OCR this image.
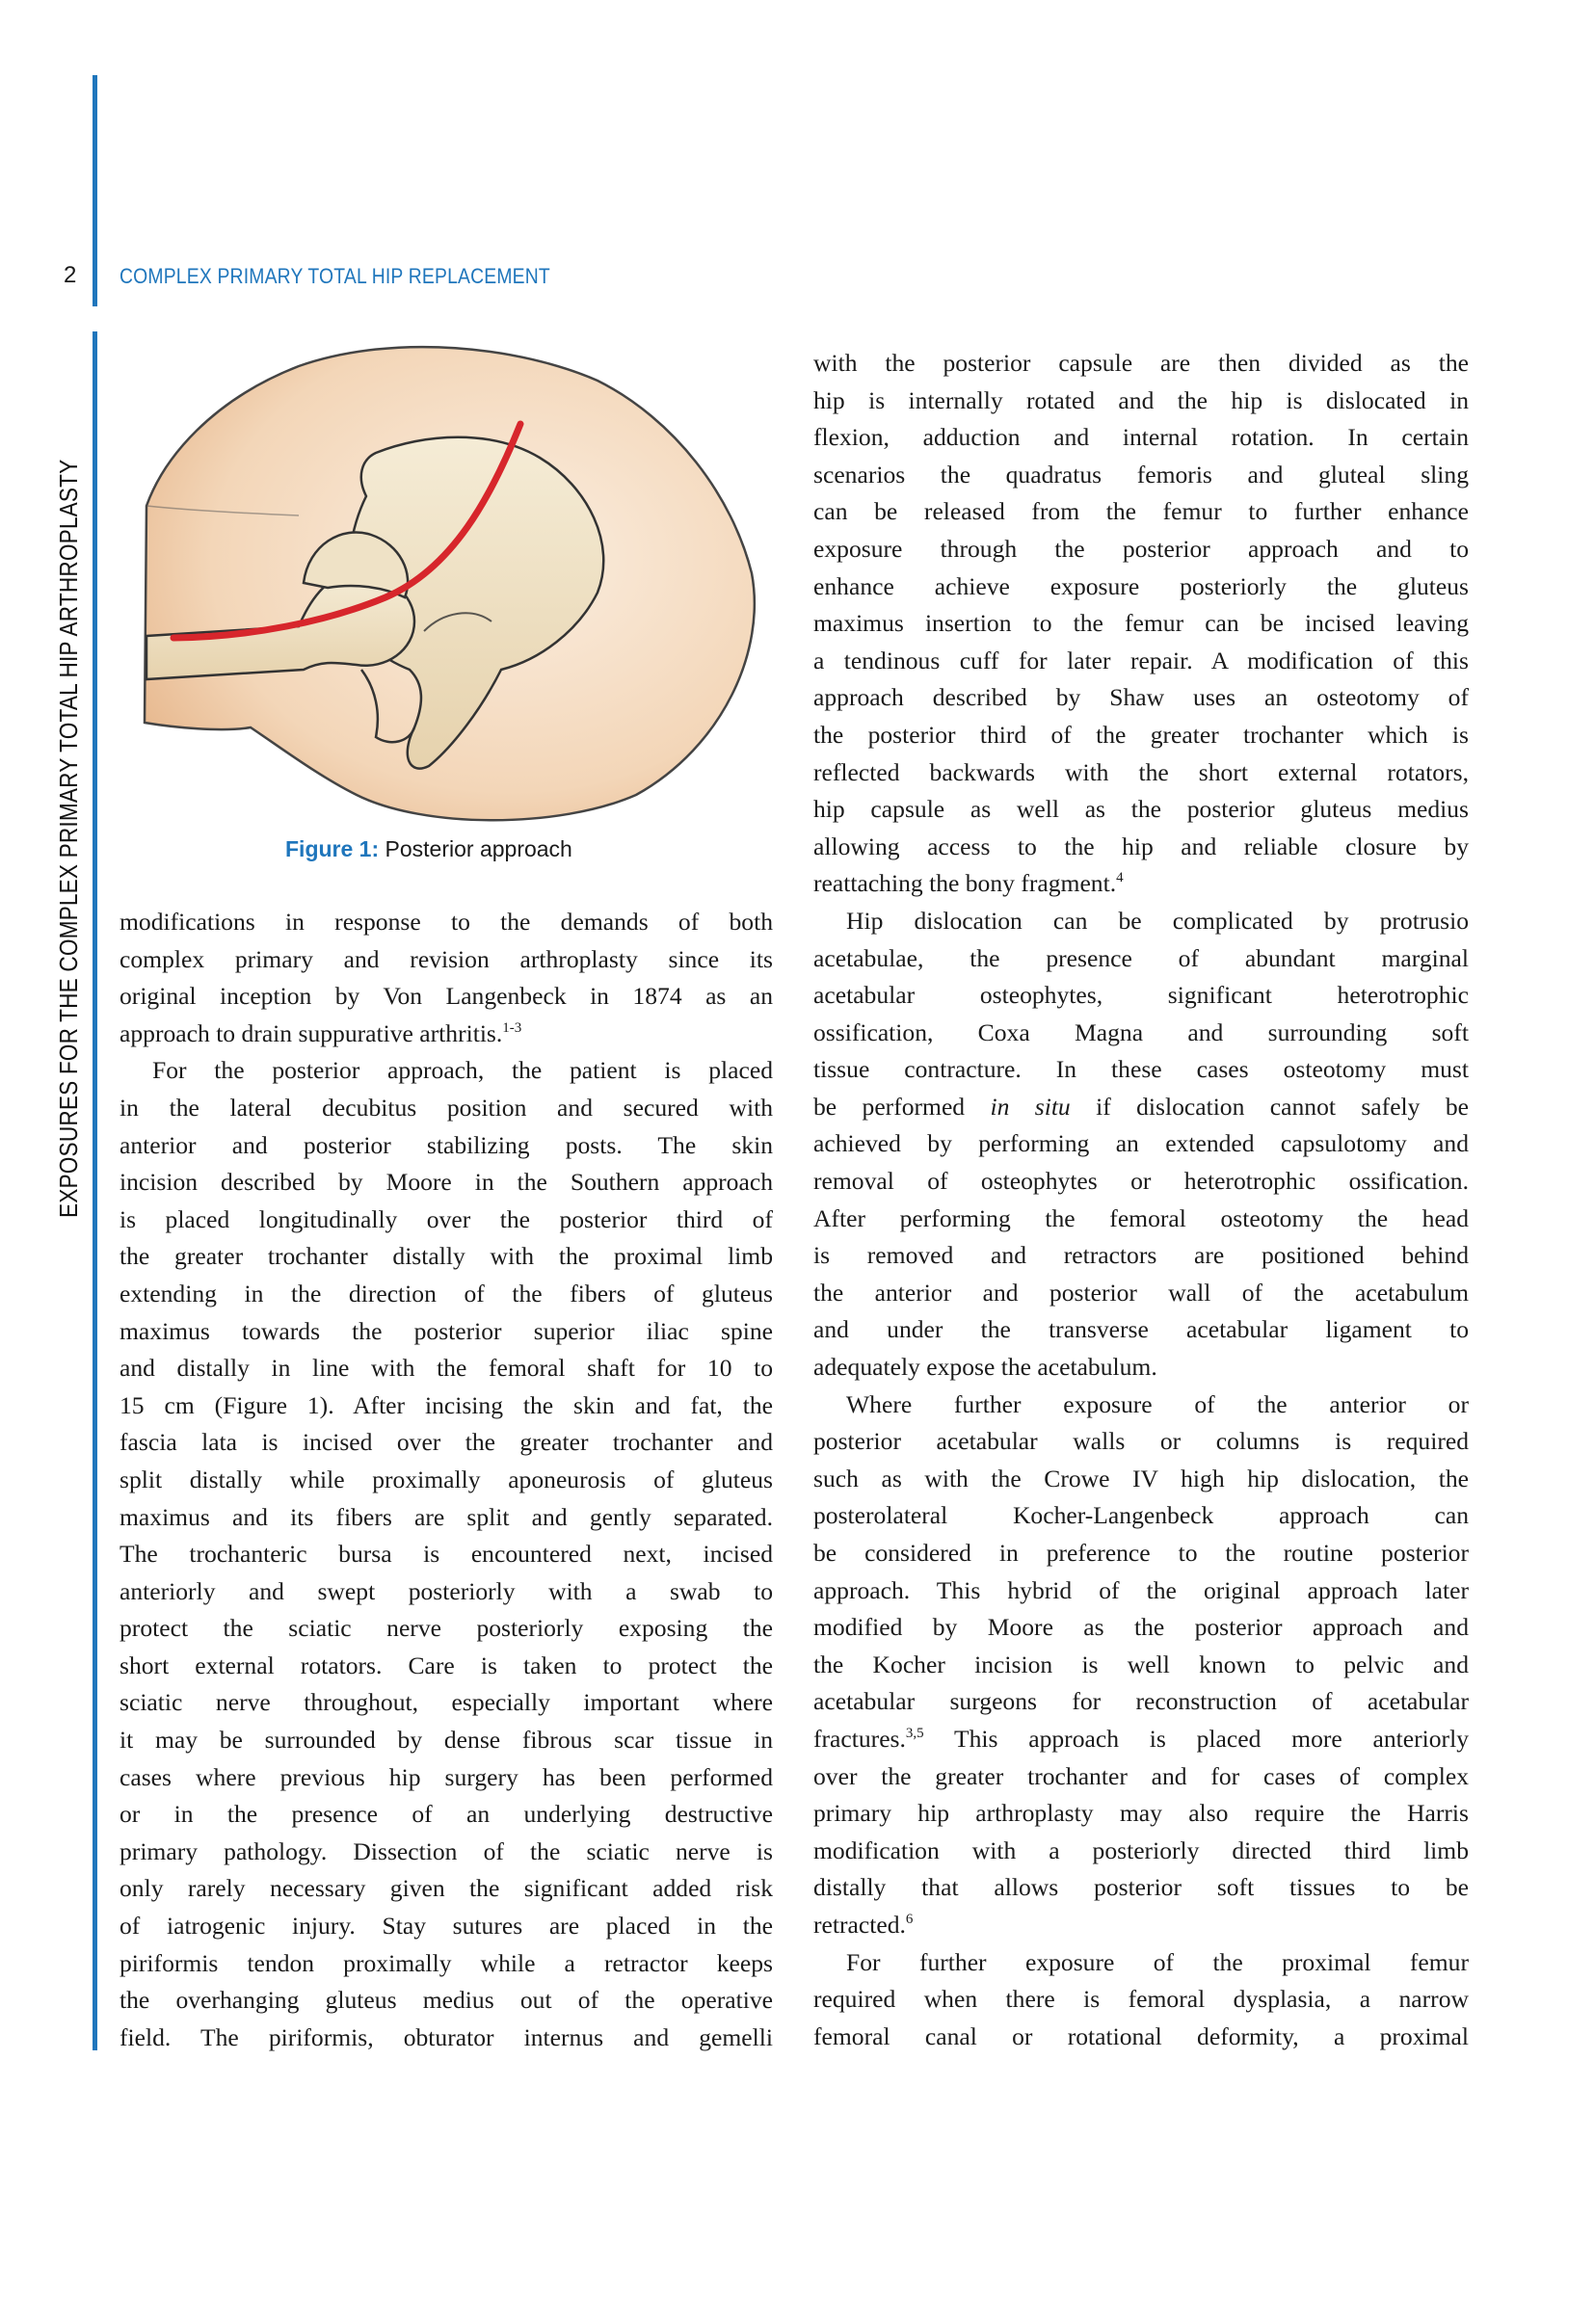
2 COMPLEX PRIMARY TOTAL HIP REPLACEMENT
EXPOSURES FOR THE COMPLEX PRIMARY TOTAL HIP ARTHROPLASTY	Figure 1: Posterior approach
modifications in response to the demands of both
complex primary and revision arthroplasty since its
original inception by Von Langenbeck in 1874 as an
approach to drain suppurative arthritis.$^{1-3}$
For the posterior approach, the patient is placed
in the lateral decubitus position and secured with
anterior and posterior stabilizing posts. The skin
incision described by Moore in the Southern approach
is placed longitudinally over the posterior third of
the greater trochanter distally with the proximal limb
extending in the direction of the fibers of gluteus
maximus towards the posterior superior iliac spine
and distally in line with the femoral shaft for 10 to
15 cm (Figure 1). After incising the skin and fat, the
fascia lata is incised over the greater trochanter and
split distally while proximally aponeurosis of gluteus
maximus and its fibers are split and gently separated.
The trochanteric bursa is encountered next, incised
anteriorly and swept posteriorly with a swab to
protect the sciatic nerve posteriorly exposing the
short external rotators. Care is taken to protect the
sciatic nerve throughout, especially important where
it may be surrounded by dense fibrous scar tissue in
cases where previous hip surgery has been performed
or in the presence of an underlying destructive
primary pathology. Dissection of the sciatic nerve is
only rarely necessary given the significant added risk
of iatrogenic injury. Stay sutures are placed in the
piriformis tendon proximally while a retractor keeps
the overhanging gluteus medius out of the operative
field. The piriformis, obturator internus and gemelli
with the posterior capsule are then divided as the
hip is internally rotated and the hip is dislocated in
flexion, adduction and internal rotation. In certain
scenarios the quadratus femoris and gluteal sling
can be released from the femur to further enhance
exposure through the posterior approach and to
enhance achieve exposure posteriorly the gluteus
maximus insertion to the femur can be incised leaving
a tendinous cuff for later repair. A modification of this
approach described by Shaw uses an osteotomy of
the posterior third of the greater trochanter which is
reflected backwards with the short external rotators,
hip capsule as well as the posterior gluteus medius
allowing access to the hip and reliable closure by
reattaching the bony fragment.$^4$
Hip dislocation can be complicated by protrusio
acetabulae, the presence of abundant marginal
acetabular osteophytes, significant heterotrophic
ossification, Coxa Magna and surrounding soft
tissue contracture. In these cases osteotomy must
be performed in situ if dislocation cannot safely be
achieved by performing an extended capsulotomy and
removal of osteophytes or heterotrophic ossification.
After performing the femoral osteotomy the head
is removed and retractors are positioned behind
the anterior and posterior wall of the acetabulum
and under the transverse acetabular ligament to
adequately expose the acetabulum.
Where further exposure of the anterior or
posterior acetabular walls or columns is required
such as with the Crowe IV high hip dislocation, the
posterolateral Kocher-Langenbeck approach can
be considered in preference to the routine posterior
approach. This hybrid of the original approach later
modified by Moore as the posterior approach and
the Kocher incision is well known to pelvic and
acetabular surgeons for reconstruction of acetabular
fractures.$^{3,5}$ This approach is placed more anteriorly
over the greater trochanter and for cases of complex
primary hip arthroplasty may also require the Harris
modification with a posteriorly directed third limb
distally that allows posterior soft tissues to be
retracted.$^6$
For further exposure of the proximal femur
required when there is femoral dysplasia, a narrow
femoral canal or rotational deformity, a proximal
